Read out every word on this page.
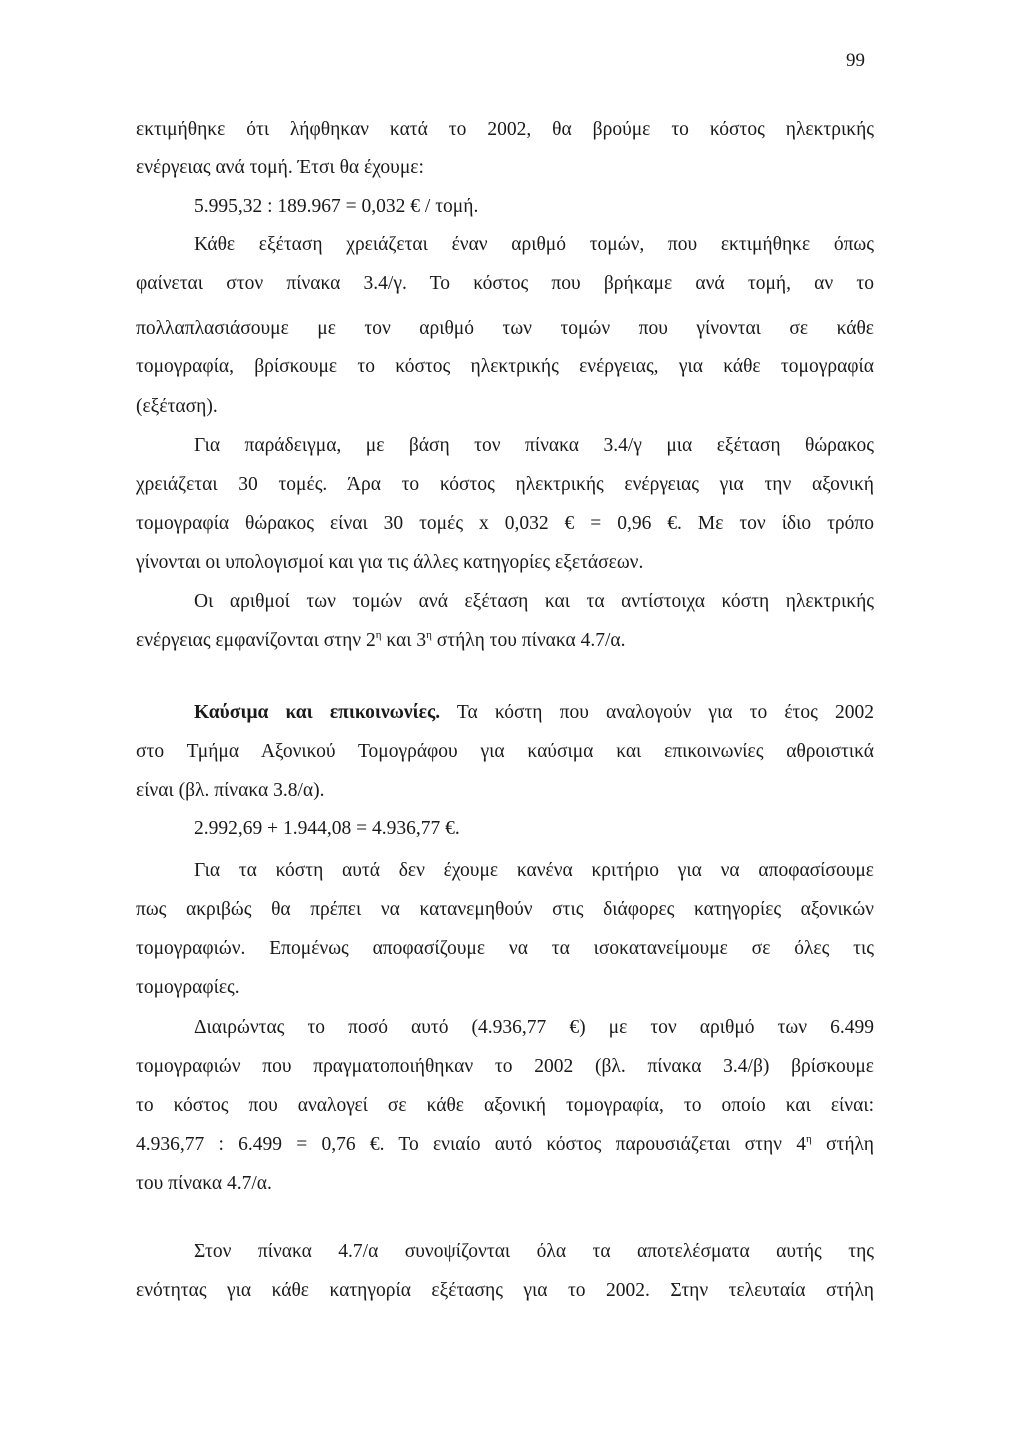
99
εκτιμήθηκε ότι λήφθηκαν κατά το 2002, θα βρούμε το κόστος ηλεκτρικής
ενέργειας ανά τομή. Έτσι θα έχουμε:
5.995,32 : 189.967 = 0,032 € / τομή.
Κάθε εξέταση χρειάζεται έναν αριθμό τομών, που εκτιμήθηκε όπως
φαίνεται στον πίνακα 3.4/γ. Το κόστος που βρήκαμε ανά τομή, αν το
πολλαπλασιάσουμε με τον αριθμό των τομών που γίνονται σε κάθε
τομογραφία, βρίσκουμε το κόστος ηλεκτρικής ενέργειας, για κάθε τομογραφία
(εξέταση).
Για παράδειγμα, με βάση τον πίνακα 3.4/γ μια εξέταση θώρακος
χρειάζεται 30 τομές. Άρα το κόστος ηλεκτρικής ενέργειας για την αξονική
τομογραφία θώρακος είναι 30 τομές x 0,032 € = 0,96 €. Με τον ίδιο τρόπο
γίνονται οι υπολογισμοί και για τις άλλες κατηγορίες εξετάσεων.
Οι αριθμοί των τομών ανά εξέταση και τα αντίστοιχα κόστη ηλεκτρικής
ενέργειας εμφανίζονται στην $2^\eta$ και $3^\eta$ στήλη του πίνακα 4.7/α.
Καύσιμα και επικοινωνίες. Τα κόστη που αναλογούν για το έτος 2002
στο Τμήμα Αξονικού Τομογράφου για καύσιμα και επικοινωνίες αθροιστικά
είναι (βλ. πίνακα 3.8/α).
2.992,69 + 1.944,08 = 4.936,77 €.
Για τα κόστη αυτά δεν έχουμε κανένα κριτήριο για να αποφασίσουμε
πως ακριβώς θα πρέπει να κατανεμηθούν στις διάφορες κατηγορίες αξονικών
τομογραφιών. Επομένως αποφασίζουμε να τα ισοκατανείμουμε σε όλες τις
τομογραφίες.
Διαιρώντας το ποσό αυτό (4.936,77 €) με τον αριθμό των 6.499
τομογραφιών που πραγματοποιήθηκαν το 2002 (βλ. πίνακα 3.4/β) βρίσκουμε
το κόστος που αναλογεί σε κάθε αξονική τομογραφία, το οποίο και είναι:
4.936,77 : 6.499 = 0,76 €. Το ενιαίο αυτό κόστος παρουσιάζεται στην $4^\eta$ στήλη
του πίνακα 4.7/α.
Στον πίνακα 4.7/α συνοψίζονται όλα τα αποτελέσματα αυτής της
ενότητας για κάθε κατηγορία εξέτασης για το 2002. Στην τελευταία στήλη
